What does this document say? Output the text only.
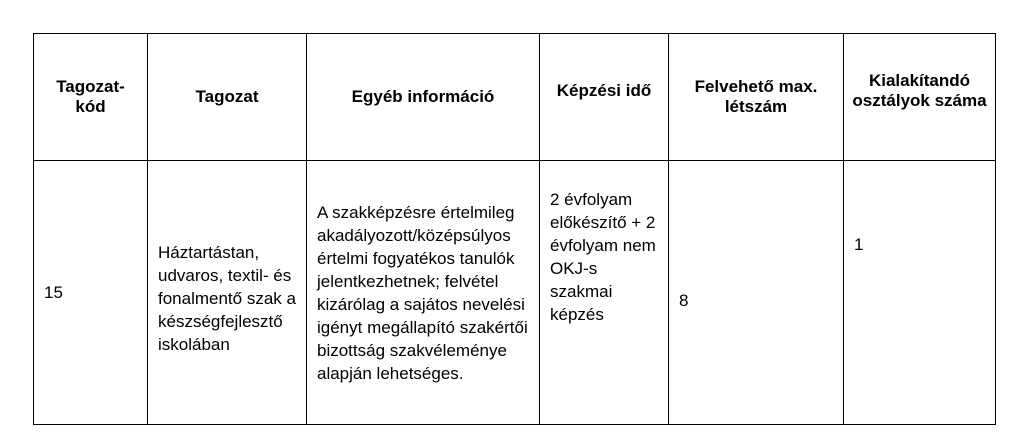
Tagozat-kód	Tagozat	Egyéb információ	Képzési idő	Felvehető max. létszám	Kialakítandó osztályok száma

15	Háztartástan, udvaros, textil- és fonalmentő szak a készségfejlesztő iskolában	A szakképzésre értelmileg akadályozott/középsúlyos értelmi fogyatékos tanulók jelentkezhetnek; felvétel kizárólag a sajátos nevelési igényt megállapító szakértői bizottság szakvéleménye alapján lehetséges.	2 évfolyam előkészítő + 2 évfolyam nem OKJ-s szakmai képzés	8	1
